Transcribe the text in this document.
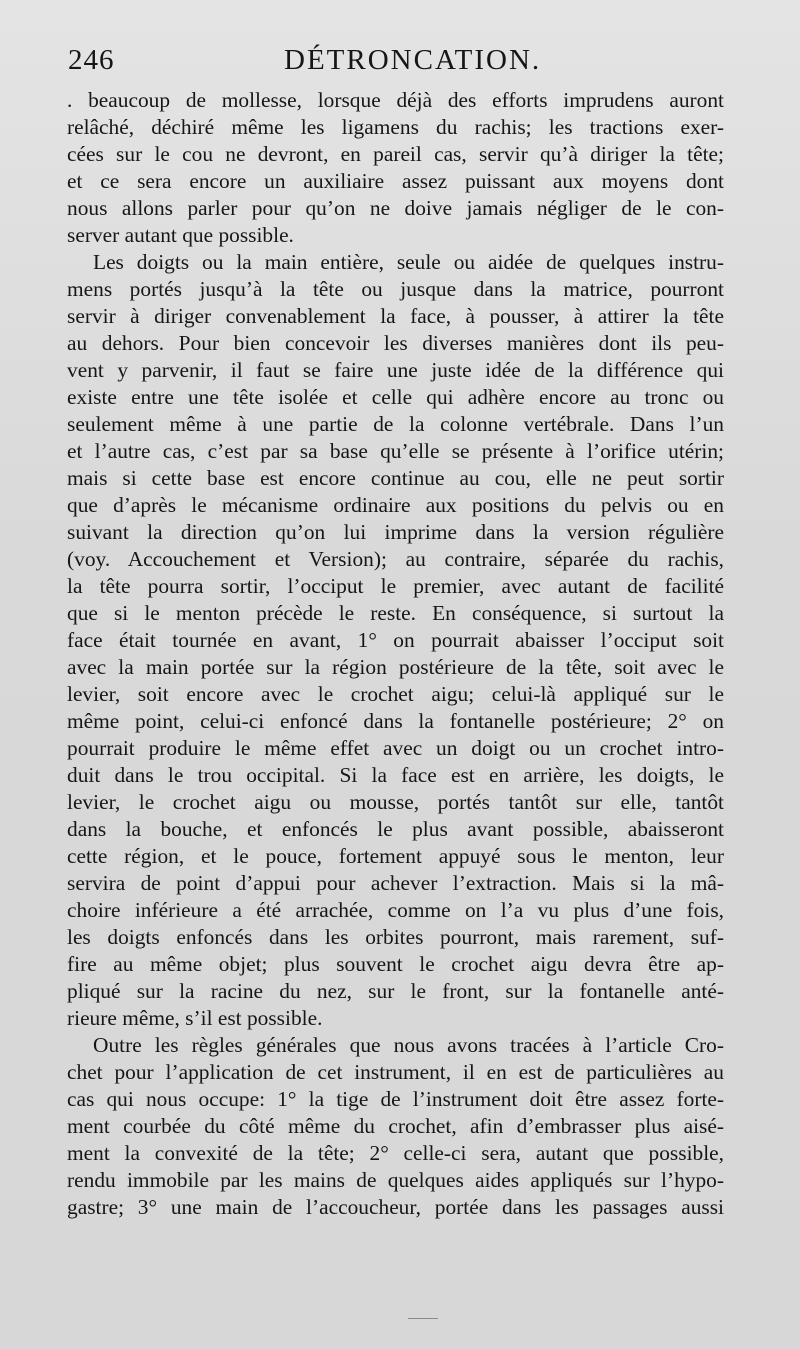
246	DÉTRONCATION.
. beaucoup de mollesse, lorsque déjà des efforts imprudens auront
relâché, déchiré même les ligamens du rachis; les tractions exer-
cées sur le cou ne devront, en pareil cas, servir qu’à diriger la tête;
et ce sera encore un auxiliaire assez puissant aux moyens dont
nous allons parler pour qu’on ne doive jamais négliger de le con-
server autant que possible.
Les doigts ou la main entière, seule ou aidée de quelques instru-
mens portés jusqu’à la tête ou jusque dans la matrice, pourront
servir à diriger convenablement la face, à pousser, à attirer la tête
au dehors. Pour bien concevoir les diverses manières dont ils peu-
vent y parvenir, il faut se faire une juste idée de la différence qui
existe entre une tête isolée et celle qui adhère encore au tronc ou
seulement même à une partie de la colonne vertébrale. Dans l’un
et l’autre cas, c’est par sa base qu’elle se présente à l’orifice utérin;
mais si cette base est encore continue au cou, elle ne peut sortir
que d’après le mécanisme ordinaire aux positions du pelvis ou en
suivant la direction qu’on lui imprime dans la version régulière
(voy. Accouchement et Version); au contraire, séparée du rachis,
la tête pourra sortir, l’occiput le premier, avec autant de facilité
que si le menton précède le reste. En conséquence, si surtout la
face était tournée en avant, 1° on pourrait abaisser l’occiput soit
avec la main portée sur la région postérieure de la tête, soit avec le
levier, soit encore avec le crochet aigu; celui-là appliqué sur le
même point, celui-ci enfoncé dans la fontanelle postérieure; 2° on
pourrait produire le même effet avec un doigt ou un crochet intro-
duit dans le trou occipital. Si la face est en arrière, les doigts, le
levier, le crochet aigu ou mousse, portés tantôt sur elle, tantôt
dans la bouche, et enfoncés le plus avant possible, abaisseront
cette région, et le pouce, fortement appuyé sous le menton, leur
servira de point d’appui pour achever l’extraction. Mais si la mâ-
choire inférieure a été arrachée, comme on l’a vu plus d’une fois,
les doigts enfoncés dans les orbites pourront, mais rarement, suf-
fire au même objet; plus souvent le crochet aigu devra être ap-
pliqué sur la racine du nez, sur le front, sur la fontanelle anté-
rieure même, s’il est possible.
Outre les règles générales que nous avons tracées à l’article Cro-
chet pour l’application de cet instrument, il en est de particulières au
cas qui nous occupe: 1° la tige de l’instrument doit être assez forte-
ment courbée du côté même du crochet, afin d’embrasser plus aisé-
ment la convexité de la tête; 2° celle-ci sera, autant que possible,
rendu immobile par les mains de quelques aides appliqués sur l’hypo-
gastre; 3° une main de l’accoucheur, portée dans les passages aussi
